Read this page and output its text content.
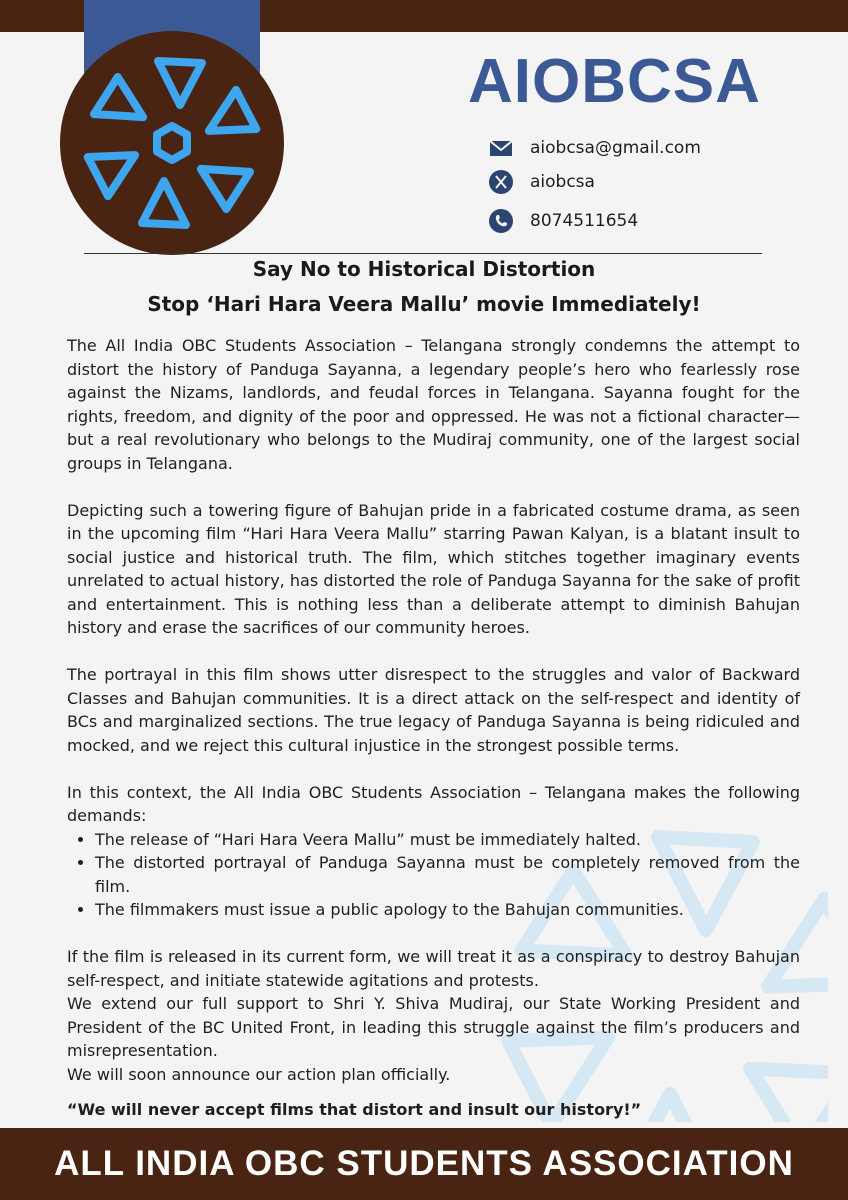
AIOBCSA
aiobcsa@gmail.com
aiobcsa
8074511654
Say No to Historical Distortion
Stop ‘Hari Hara Veera Mallu’ movie Immediately!

The All India OBC Students Association – Telangana strongly condemns the attempt to distort the history of Panduga Sayanna, a legendary people’s hero who fearlessly rose against the Nizams, landlords, and feudal forces in Telangana. Sayanna fought for the rights, freedom, and dignity of the poor and oppressed. He was not a fictional character—but a real revolutionary who belongs to the Mudiraj community, one of the largest social groups in Telangana.

Depicting such a towering figure of Bahujan pride in a fabricated costume drama, as seen in the upcoming film “Hari Hara Veera Mallu” starring Pawan Kalyan, is a blatant insult to social justice and historical truth. The film, which stitches together imaginary events unrelated to actual history, has distorted the role of Panduga Sayanna for the sake of profit and entertainment. This is nothing less than a deliberate attempt to diminish Bahujan history and erase the sacrifices of our community heroes.

The portrayal in this film shows utter disrespect to the struggles and valor of Backward Classes and Bahujan communities. It is a direct attack on the self-respect and identity of BCs and marginalized sections. The true legacy of Panduga Sayanna is being ridiculed and mocked, and we reject this cultural injustice in the strongest possible terms.

In this context, the All India OBC Students Association – Telangana makes the following demands:

• The release of “Hari Hara Veera Mallu” must be immediately halted.
• The distorted portrayal of Panduga Sayanna must be completely removed from the film.
• The filmmakers must issue a public apology to the Bahujan communities.

If the film is released in its current form, we will treat it as a conspiracy to destroy Bahujan self-respect, and initiate statewide agitations and protests.

We extend our full support to Shri Y. Shiva Mudiraj, our State Working President and President of the BC United Front, in leading this struggle against the film’s producers and misrepresentation.

We will soon announce our action plan officially.

“We will never accept films that distort and insult our history!”

ALL INDIA OBC STUDENTS ASSOCIATION
